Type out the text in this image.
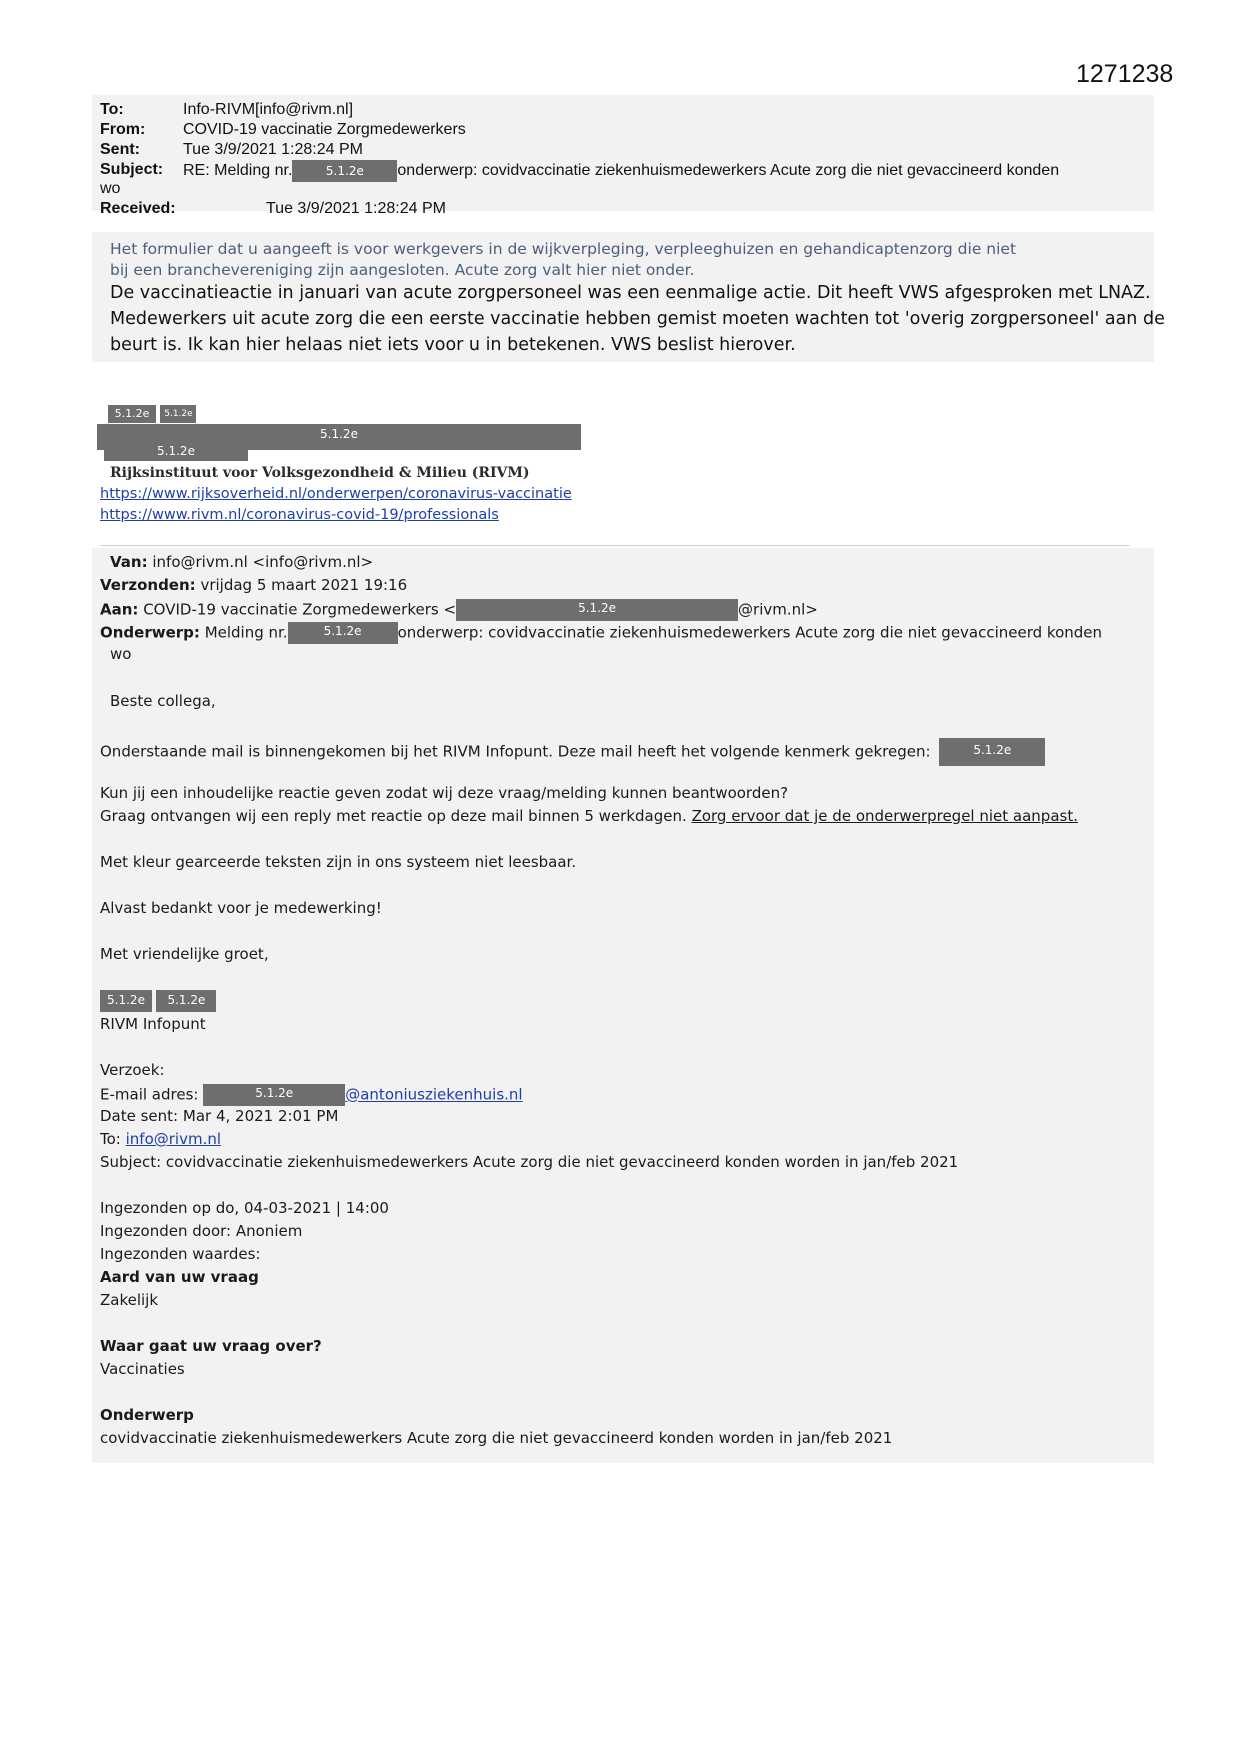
1271238
To:	Info-RIVM[info@rivm.nl]
From: COVID-19 vaccinatie Zorgmedewerkers
Sent:	Tue 3/9/2021 1:28:24 PM
Subject: RE: Melding nr.	5.1.2e onderwerp: covidvaccinatie ziekenhuismedewerkers Acute zorg die niet gevaccineerd konden
wo
Received:	Tue 3/9/2021 1:28:24 PM
Het formulier dat u aangeeft is voor werkgevers in de wijkverpleging, verpleeghuizen en gehandicaptenzorg die niet
bij een branchevereniging zijn aangesloten. Acute zorg valt hier niet onder.
De vaccinatieactie in januari van acute zorgpersoneel was een eenmalige actie. Dit heeft VWS afgesproken met LNAZ.
Medewerkers uit acute zorg die een eerste vaccinatie hebben gemist moeten wachten tot 'overig zorgpersoneel' aan de
beurt is. Ik kan hier helaas niet iets voor u in betekenen. VWS beslist hierover.
5.1.2e 5.1.2e
5.1.2e
5.1.2e
Rijksinstituut voor Volksgezondheid & Milieu (RIVM)
https://www.rijksoverheid.nl/onderwerpen/coronavirus-vaccinatie
https://www.rivm.nl/coronavirus-covid-19/professionals
Van: info@rivm.nl <info@rivm.nl>
Verzonden: vrijdag 5 maart 2021 19:16
Aan: COVID-19 vaccinatie Zorgmedewerkers <	5.1.2e	@rivm.nl>
Onderwerp: Melding nr.	5.1.2e onderwerp: covidvaccinatie ziekenhuismedewerkers Acute zorg die niet gevaccineerd konden
wo
Beste collega,
Onderstaande mail is binnengekomen bij het RIVM Infopunt. Deze mail heeft het volgende kenmerk gekregen:	5.1.2e
Kun jij een inhoudelijke reactie geven zodat wij deze vraag/melding kunnen beantwoorden?
Graag ontvangen wij een reply met reactie op deze mail binnen 5 werkdagen. Zorg ervoor dat je de onderwerpregel niet aanpast.
Met kleur gearceerde teksten zijn in ons systeem niet leesbaar.
Alvast bedankt voor je medewerking!
Met vriendelijke groet,
5.1.2e 5.1.2e
RIVM Infopunt
Verzoek:
E-mail adres:	5.1.2e	@antoniusziekenhuis.nl
Date sent: Mar 4, 2021 2:01 PM
To: info@rivm.nl
Subject: covidvaccinatie ziekenhuismedewerkers Acute zorg die niet gevaccineerd konden worden in jan/feb 2021
Ingezonden op do, 04-03-2021 | 14:00
Ingezonden door: Anoniem
Ingezonden waardes:
Aard van uw vraag
Zakelijk
Waar gaat uw vraag over?
Vaccinaties
Onderwerp
covidvaccinatie ziekenhuismedewerkers Acute zorg die niet gevaccineerd konden worden in jan/feb 2021
